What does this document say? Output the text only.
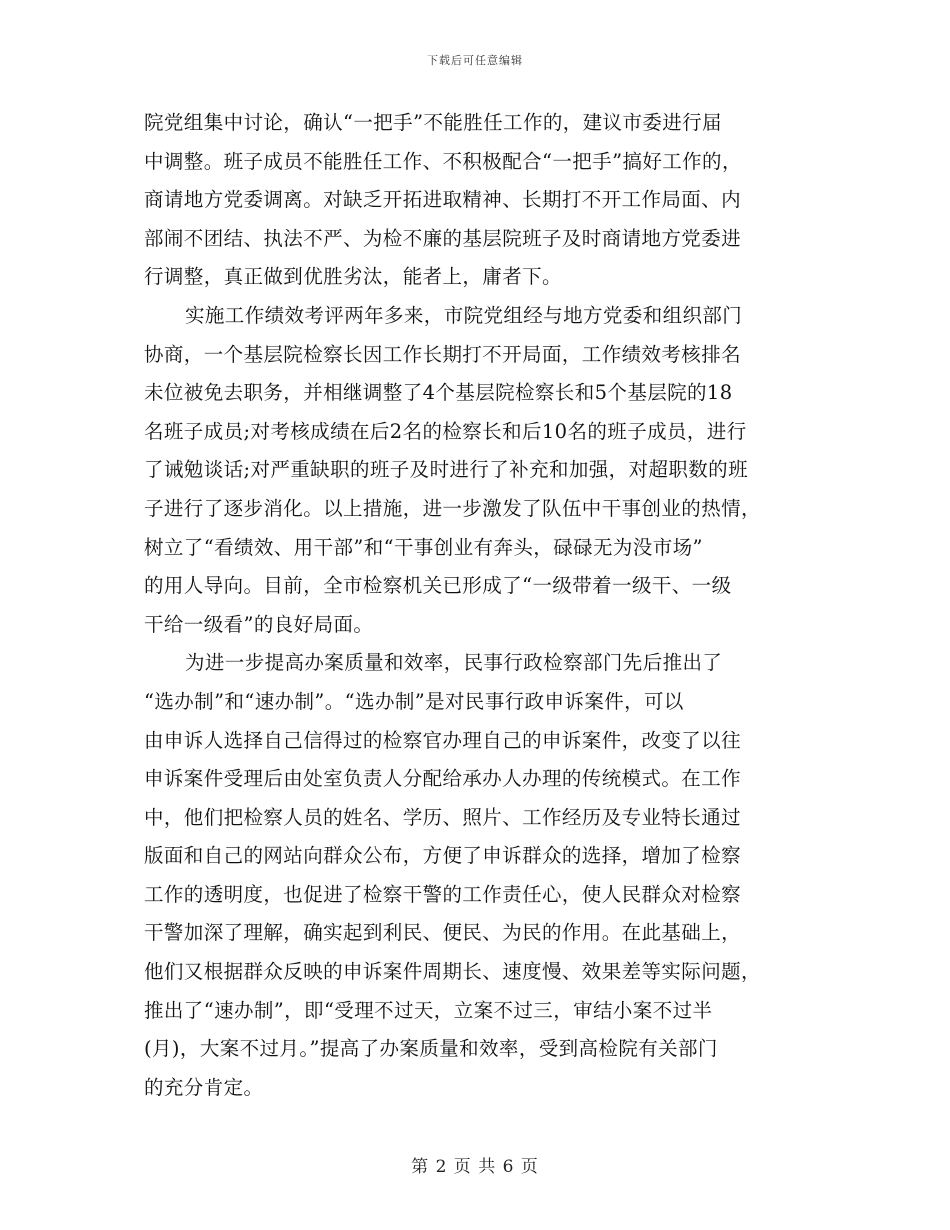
下载后可任意编辑
院党组集中讨论，确认“一把手”不能胜任工作的，建议市委进行届
中调整。班子成员不能胜任工作、不积极配合“一把手”搞好工作的，
商请地方党委调离。对缺乏开拓进取精神、长期打不开工作局面、内
部闹不团结、执法不严、为检不廉的基层院班子及时商请地方党委进
行调整，真正做到优胜劣汰，能者上，庸者下。
实施工作绩效考评两年多来，市院党组经与地方党委和组织部门
协商，一个基层院检察长因工作长期打不开局面，工作绩效考核排名
未位被免去职务，并相继调整了4个基层院检察长和5个基层院的18
名班子成员;对考核成绩在后2名的检察长和后10名的班子成员，进行
了诫勉谈话;对严重缺职的班子及时进行了补充和加强，对超职数的班
子进行了逐步消化。以上措施，进一步激发了队伍中干事创业的热情，
树立了“看绩效、用干部”和“干事创业有奔头，碌碌无为没市场”
的用人导向。目前，全市检察机关已形成了“一级带着一级干、一级
干给一级看”的良好局面。
为进一步提高办案质量和效率，民事行政检察部门先后推出了
“选办制”和“速办制”。“选办制”是对民事行政申诉案件，可以
由申诉人选择自己信得过的检察官办理自己的申诉案件，改变了以往
申诉案件受理后由处室负责人分配给承办人办理的传统模式。在工作
中，他们把检察人员的姓名、学历、照片、工作经历及专业特长通过
版面和自己的网站向群众公布，方便了申诉群众的选择，增加了检察
工作的透明度，也促进了检察干警的工作责任心，使人民群众对检察
干警加深了理解，确实起到利民、便民、为民的作用。在此基础上，
他们又根据群众反映的申诉案件周期长、速度慢、效果差等实际问题，
推出了“速办制”，即“受理不过天，立案不过三，审结小案不过半
(月)，大案不过月。”提高了办案质量和效率，受到高检院有关部门
的充分肯定。
第 2 页 共 6 页
